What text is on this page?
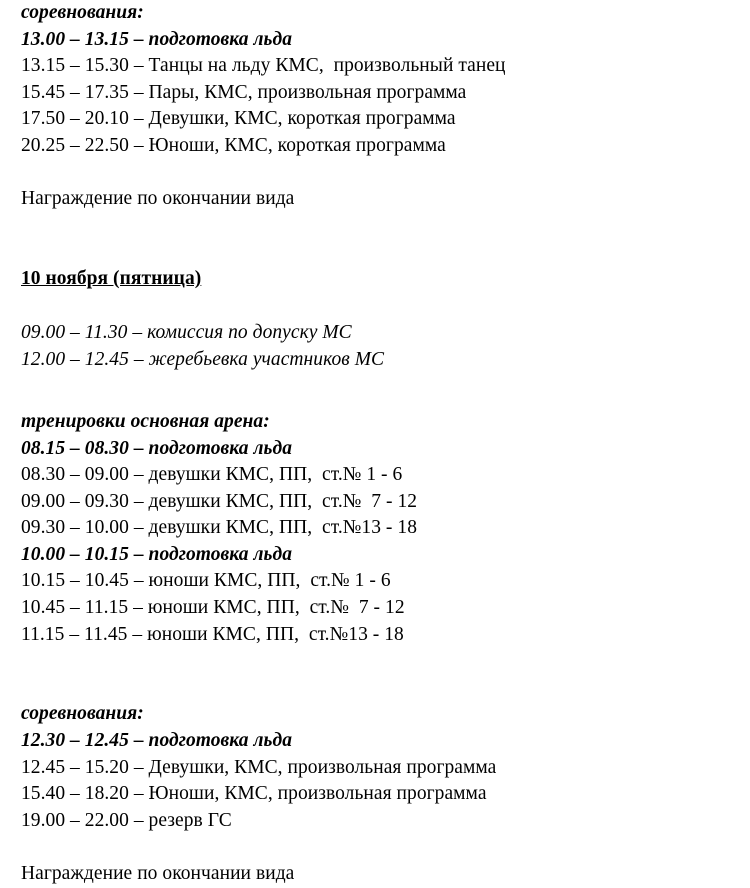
соревнования:
13.00 – 13.15 – подготовка льда
13.15 – 15.30 – Танцы на льду КМС,  произвольный танец
15.45 – 17.35 – Пары, КМС, произвольная программа
17.50 – 20.10 – Девушки, КМС, короткая программа
20.25 – 22.50 – Юноши, КМС, короткая программа
Награждение по окончании вида
10 ноября (пятница)
09.00 – 11.30 – комиссия по допуску МС
12.00 – 12.45 – жеребьевка участников МС
тренировки основная арена:
08.15 – 08.30 – подготовка льда
08.30 – 09.00 – девушки КМС, ПП,  ст.№ 1 - 6
09.00 – 09.30 – девушки КМС, ПП,  ст.№  7 - 12
09.30 – 10.00 – девушки КМС, ПП,  ст.№13 - 18
10.00 – 10.15 – подготовка льда
10.15 – 10.45 – юноши КМС, ПП,  ст.№ 1 - 6
10.45 – 11.15 – юноши КМС, ПП,  ст.№  7 - 12
11.15 – 11.45 – юноши КМС, ПП,  ст.№13 - 18
соревнования:
12.30 – 12.45 – подготовка льда
12.45 – 15.20 – Девушки, КМС, произвольная программа
15.40 – 18.20 – Юноши, КМС, произвольная программа
19.00 – 22.00 – резерв ГС
Награждение по окончании вида
